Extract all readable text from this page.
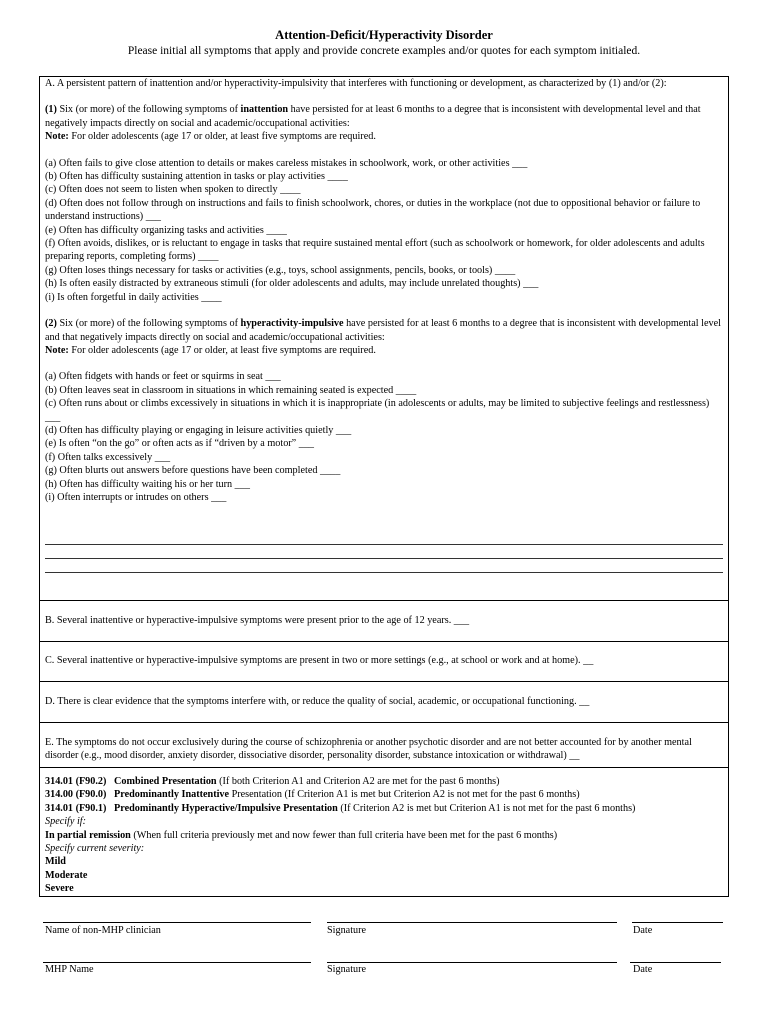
Attention-Deficit/Hyperactivity Disorder
Please initial all symptoms that apply and provide concrete examples and/or quotes for each symptom initialed.

A. A persistent pattern of inattention and/or hyperactivity-impulsivity that interferes with functioning or development, as characterized by (1) and/or (2):

(1) Six (or more) of the following symptoms of inattention have persisted for at least 6 months to a degree that is inconsistent with developmental level and that negatively impacts directly on social and academic/occupational activities:

Note: For older adolescents (age 17 or older, at least five symptoms are required.

(a) Often fails to give close attention to details or makes careless mistakes in schoolwork, work, or other activities ___

(b) Often has difficulty sustaining attention in tasks or play activities ____

(c) Often does not seem to listen when spoken to directly ____

(d) Often does not follow through on instructions and fails to finish schoolwork, chores, or duties in the workplace (not due to oppositional behavior or failure to understand instructions) ___

(e) Often has difficulty organizing tasks and activities ____

(f) Often avoids, dislikes, or is reluctant to engage in tasks that require sustained mental effort (such as schoolwork or homework, for older adolescents and adults preparing reports, completing forms) ____

(g) Often loses things necessary for tasks or activities (e.g., toys, school assignments, pencils, books, or tools) ____

(h) Is often easily distracted by extraneous stimuli (for older adolescents and adults, may include unrelated thoughts) ___

(i) Is often forgetful in daily activities ____

(2) Six (or more) of the following symptoms of hyperactivity-impulsive have persisted for at least 6 months to a degree that is inconsistent with developmental level and that negatively impacts directly on social and academic/occupational activities:

Note: For older adolescents (age 17 or older, at least five symptoms are required.

(a) Often fidgets with hands or feet or squirms in seat ___

(b) Often leaves seat in classroom in situations in which remaining seated is expected ____

(c) Often runs about or climbs excessively in situations in which it is inappropriate (in adolescents or adults, may be limited to subjective feelings and restlessness) ___

(d) Often has difficulty playing or engaging in leisure activities quietly ___

(e) Is often “on the go” or often acts as if “driven by a motor” ___

(f) Often talks excessively ___

(g) Often blurts out answers before questions have been completed ____

(h) Often has difficulty waiting his or her turn ___

(i) Often interrupts or intrudes on others ___

B. Several inattentive or hyperactive-impulsive symptoms were present prior to the age of 12 years. ___

C. Several inattentive or hyperactive-impulsive symptoms are present in two or more settings (e.g., at school or work and at home). __

D. There is clear evidence that the symptoms interfere with, or reduce the quality of social, academic, or occupational functioning. __

E. The symptoms do not occur exclusively during the course of schizophrenia or another psychotic disorder and are not better accounted for by another mental disorder (e.g., mood disorder, anxiety disorder, dissociative disorder, personality disorder, substance intoxication or withdrawal) __

314.01 (F90.2) Combined Presentation (If both Criterion A1 and Criterion A2 are met for the past 6 months)

314.00 (F90.0) Predominantly Inattentive Presentation (If Criterion A1 is met but Criterion A2 is not met for the past 6 months)

314.01 (F90.1) Predominantly Hyperactive/Impulsive Presentation (If Criterion A2 is met but Criterion A1 is not met for the past 6 months)

Specify if:

In partial remission (When full criteria previously met and now fewer than full criteria have been met for the past 6 months)

Specify current severity:

Mild

Moderate

Severe

Name of non-MHP clinician	Signature	Date
MHP Name	Signature	Date
